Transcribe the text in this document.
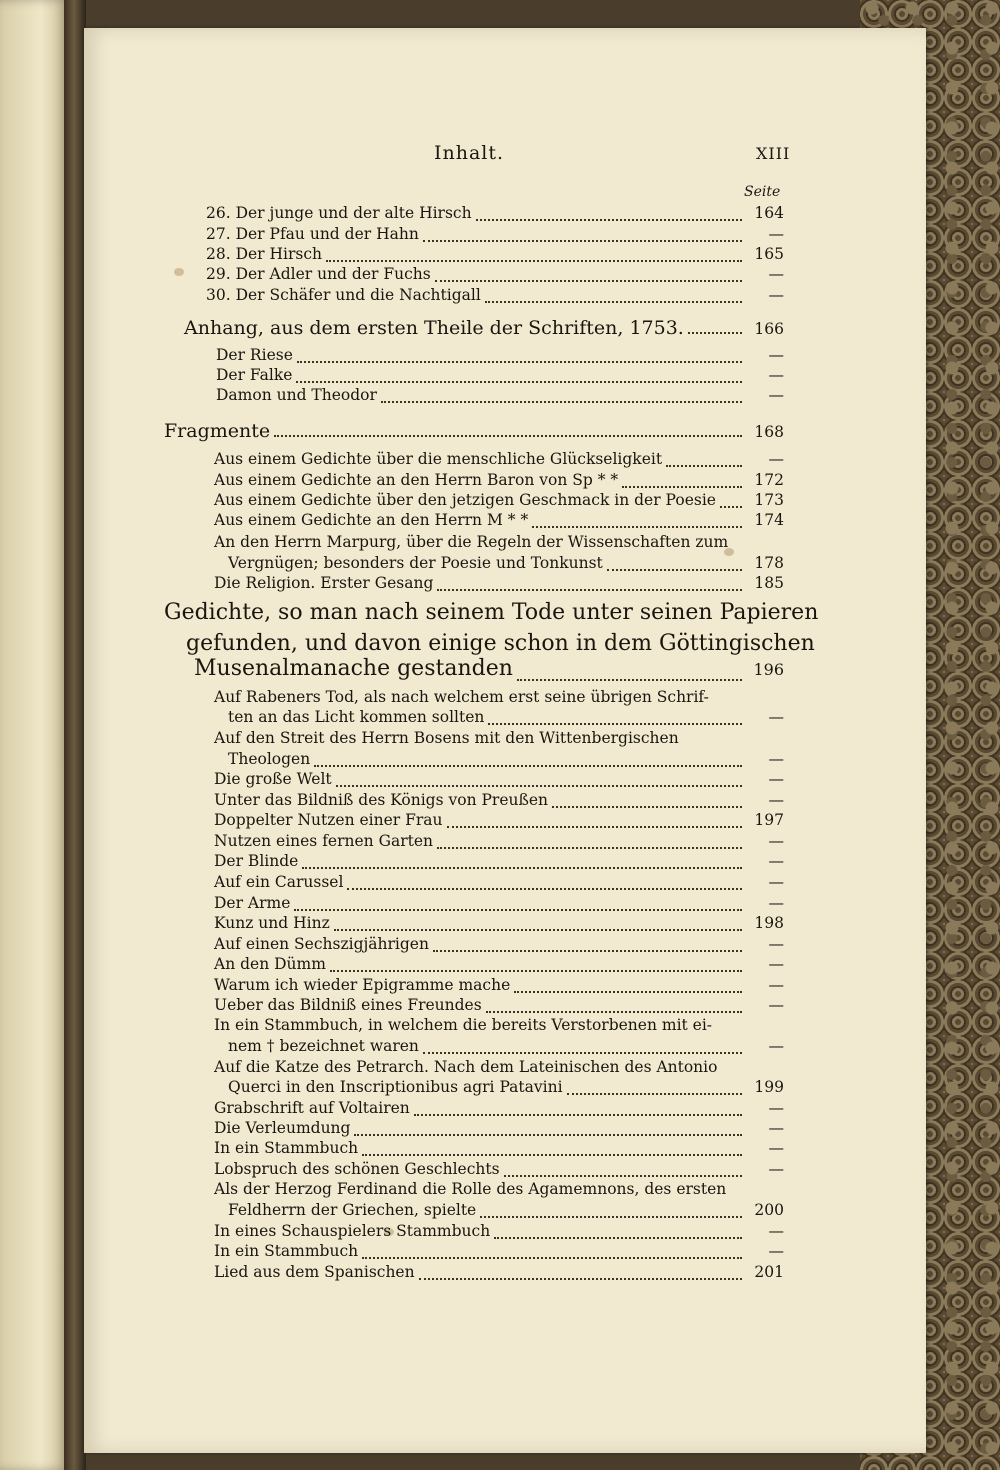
Inhalt.	XIII
Seite
26. Der junge und der alte Hirsch	164
27. Der Pfau und der Hahn	—
28. Der Hirsch	165
29. Der Adler und der Fuchs	—
30. Der Schäfer und die Nachtigall	—
Anhang, aus dem ersten Theile der Schriften, 1753.	166
Der Riese	—
Der Falke	—
Damon und Theodor	—
Fragmente	168
Aus einem Gedichte über die menschliche Glückseligkeit	—
Aus einem Gedichte an den Herrn Baron von Sp * *	172
Aus einem Gedichte über den jetzigen Geschmack in der Poesie	173
Aus einem Gedichte an den Herrn M * *	174
An den Herrn Marpurg, über die Regeln der Wissenschaften zum
Vergnügen; besonders der Poesie und Tonkunst	178
Die Religion. Erster Gesang	185
Gedichte, so man nach seinem Tode unter seinen Papieren
gefunden, und davon einige schon in dem Göttingischen
Musenalmanache gestanden	196
Auf Rabeners Tod, als nach welchem erst seine übrigen Schrif-
ten an das Licht kommen sollten	—
Auf den Streit des Herrn Bosens mit den Wittenbergischen
Theologen	—
Die große Welt	—
Unter das Bildniß des Königs von Preußen	—
Doppelter Nutzen einer Frau	197
Nutzen eines fernen Garten	—
Der Blinde	—
Auf ein Carussel	—
Der Arme	—
Kunz und Hinz	198
Auf einen Sechszigjährigen	—
An den Dümm	—
Warum ich wieder Epigramme mache	—
Ueber das Bildniß eines Freundes	—
In ein Stammbuch, in welchem die bereits Verstorbenen mit ei-
nem † bezeichnet waren	—
Auf die Katze des Petrarch. Nach dem Lateinischen des Antonio
Querci in den Inscriptionibus agri Patavini	199
Grabschrift auf Voltairen	—
Die Verleumdung	—
In ein Stammbuch	—
Lobspruch des schönen Geschlechts	—
Als der Herzog Ferdinand die Rolle des Agamemnons, des ersten
Feldherrn der Griechen, spielte	200
In eines Schauspielers Stammbuch	—
In ein Stammbuch	—
Lied aus dem Spanischen	201
